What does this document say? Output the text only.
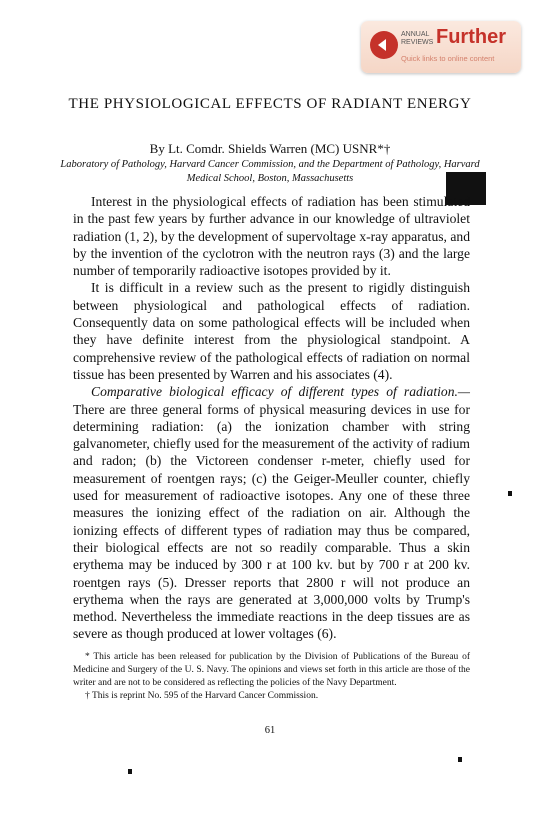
ANNUAL
REVIEWS Further
Quick links to online content
THE PHYSIOLOGICAL EFFECTS OF RADIANT ENERGY
By Lt. Comdr. Shields Warren (MC) USNR*†
Laboratory of Pathology, Harvard Cancer Commission, and the Department of Pathology, Harvard Medical School, Boston, Massachusetts

Interest in the physiological effects of radiation has been stimulated in the past few years by further advance in our knowledge of ultraviolet radiation (1, 2), by the development of supervoltage x-ray apparatus, and by the invention of the cyclotron with the neutron rays (3) and the large number of temporarily radioactive isotopes provided by it.

It is difficult in a review such as the present to rigidly distinguish between physiological and pathological effects of radiation. Consequently data on some pathological effects will be included when they have definite interest from the physiological standpoint. A comprehensive review of the pathological effects of radiation on normal tissue has been presented by Warren and his associates (4).

Comparative biological efficacy of different types of radiation.— There are three general forms of physical measuring devices in use for determining radiation: (a) the ionization chamber with string galvanometer, chiefly used for the measurement of the activity of radium and radon; (b) the Victoreen condenser r-meter, chiefly used for measurement of roentgen rays; (c) the Geiger-Meuller counter, chiefly used for measurement of radioactive isotopes. Any one of these three measures the ionizing effect of the radiation on air. Although the ionizing effects of different types of radiation may thus be compared, their biological effects are not so readily comparable. Thus a skin erythema may be induced by 300 r at 100 kv. but by 700 r at 200 kv. roentgen rays (5). Dresser reports that 2800 r will not produce an erythema when the rays are generated at 3,000,000 volts by Trump's method. Nevertheless the immediate reactions in the deep tissues are as severe as though produced at lower voltages (6).

* This article has been released for publication by the Division of Publications of the Bureau of Medicine and Surgery of the U. S. Navy. The opinions and views set forth in this article are those of the writer and are not to be considered as reflecting the policies of the Navy Department.

† This is reprint No. 595 of the Harvard Cancer Commission.

61
